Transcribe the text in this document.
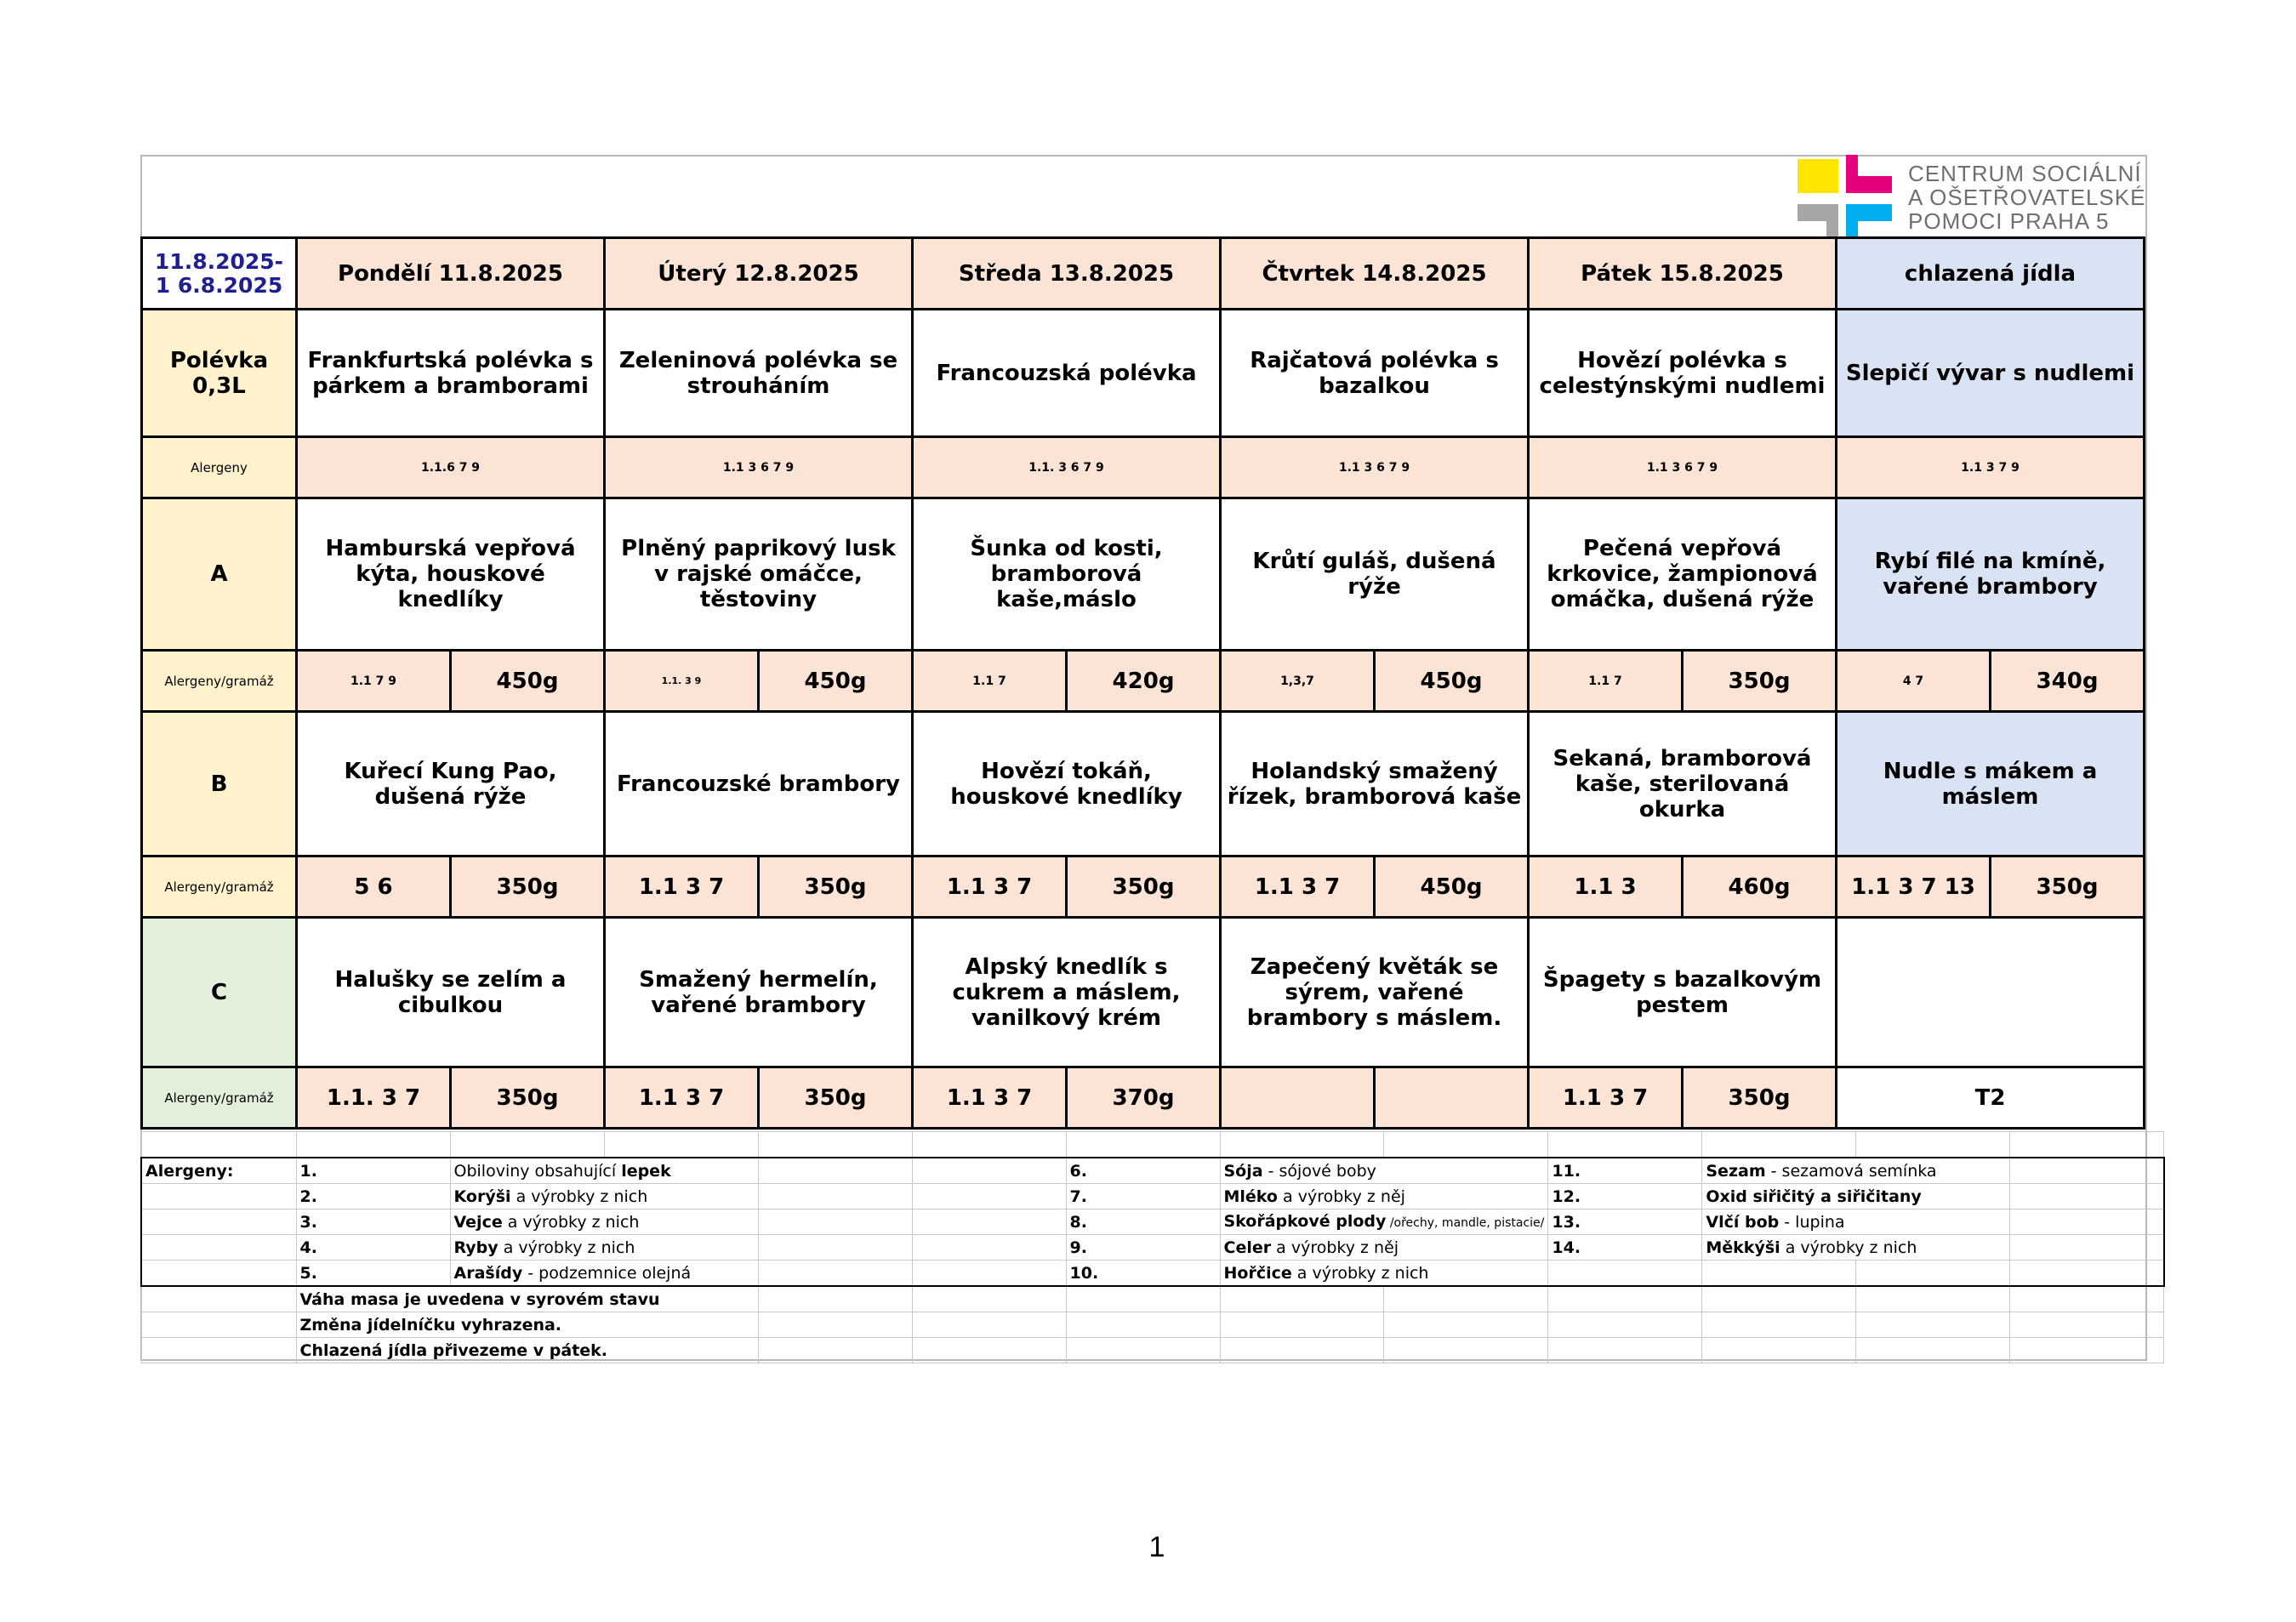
CENTRUM SOCIÁLNÍ
A OŠETŘOVATELSKÉ
POMOCI PRAHA 5
11.8.2025-1 6.8.2025	Pondělí 11.8.2025		Úterý 12.8.2025		Středa 13.8.2025		Čtvrtek 14.8.2025		Pátek 15.8.2025		chlazená jídla	
Polévka 0,3L	Frankfurtská polévka s párkem a bramborami		Zeleninová polévka se strouháním		Francouzská polévka		Rajčatová polévka s bazalkou		Hovězí polévka s celestýnskými nudlemi		Slepičí vývar s nudlemi	
Alergeny	1.1.6 7 9		1.1 3 6 7 9		1.1. 3 6 7 9		1.1 3 6 7 9		1.1 3 6 7 9		1.1 3 7 9	
A	Hamburská vepřová kýta, houskové knedlíky		Plněný paprikový lusk v rajské omáčce, těstoviny		Šunka od kosti, bramborová kaše,máslo		Krůtí guláš, dušená rýže		Pečená vepřová krkovice, žampionová omáčka, dušená rýže		Rybí filé na kmíně, vařené brambory	
Alergeny/gramáž	1.1 7 9	450g	1.1. 3 9	450g	1.1 7	420g	1,3,7	450g	1.1 7	350g	4 7	340g
B	Kuřecí Kung Pao, dušená rýže		Francouzské brambory		Hovězí tokáň, houskové knedlíky		Holandský smažený řízek, bramborová kaše		Sekaná, bramborová kaše, sterilovaná okurka		Nudle s mákem a máslem	
Alergeny/gramáž	5 6	350g	1.1 3 7	350g	1.1 3 7	350g	1.1 3 7	450g	1.1 3	460g	1.1 3 7 13	350g
C	Halušky se zelím a cibulkou		Smažený hermelín, vařené brambory		Alpský knedlík s cukrem a máslem, vanilkový krém		Zapečený květák se sýrem, vařené brambory s máslem.		Špagety s bazalkovým pestem			
Alergeny/gramáž	1.1. 3 7	350g	1.1 3 7	350g	1.1 3 7	370g			1.1 3 7	350g	T2	

Alergeny:	1.	Obiloviny obsahující lepek				6.	Sója - sójové boby		11.	Sezam - sezamová semínka		
	2.	Korýši a výrobky z nich				7.	Mléko a výrobky z něj		12.	Oxid siřičitý a siřičitany		
	3.	Vejce a výrobky z nich				8.	Skořápkové plody /ořechy, mandle, pistacie/		13.	Vlčí bob - lupina		
	4.	Ryby a výrobky z nich				9.	Celer a výrobky z něj		14.	Měkkýši a výrobky z nich		
	5.	Arašídy - podzemnice olejná				10.	Hořčice a výrobky z nich					
	Váha masa je uvedena v syrovém stavu											
	Změna jídelníčku vyhrazena.											
	Chlazená jídla přivezeme v pátek.											
1
